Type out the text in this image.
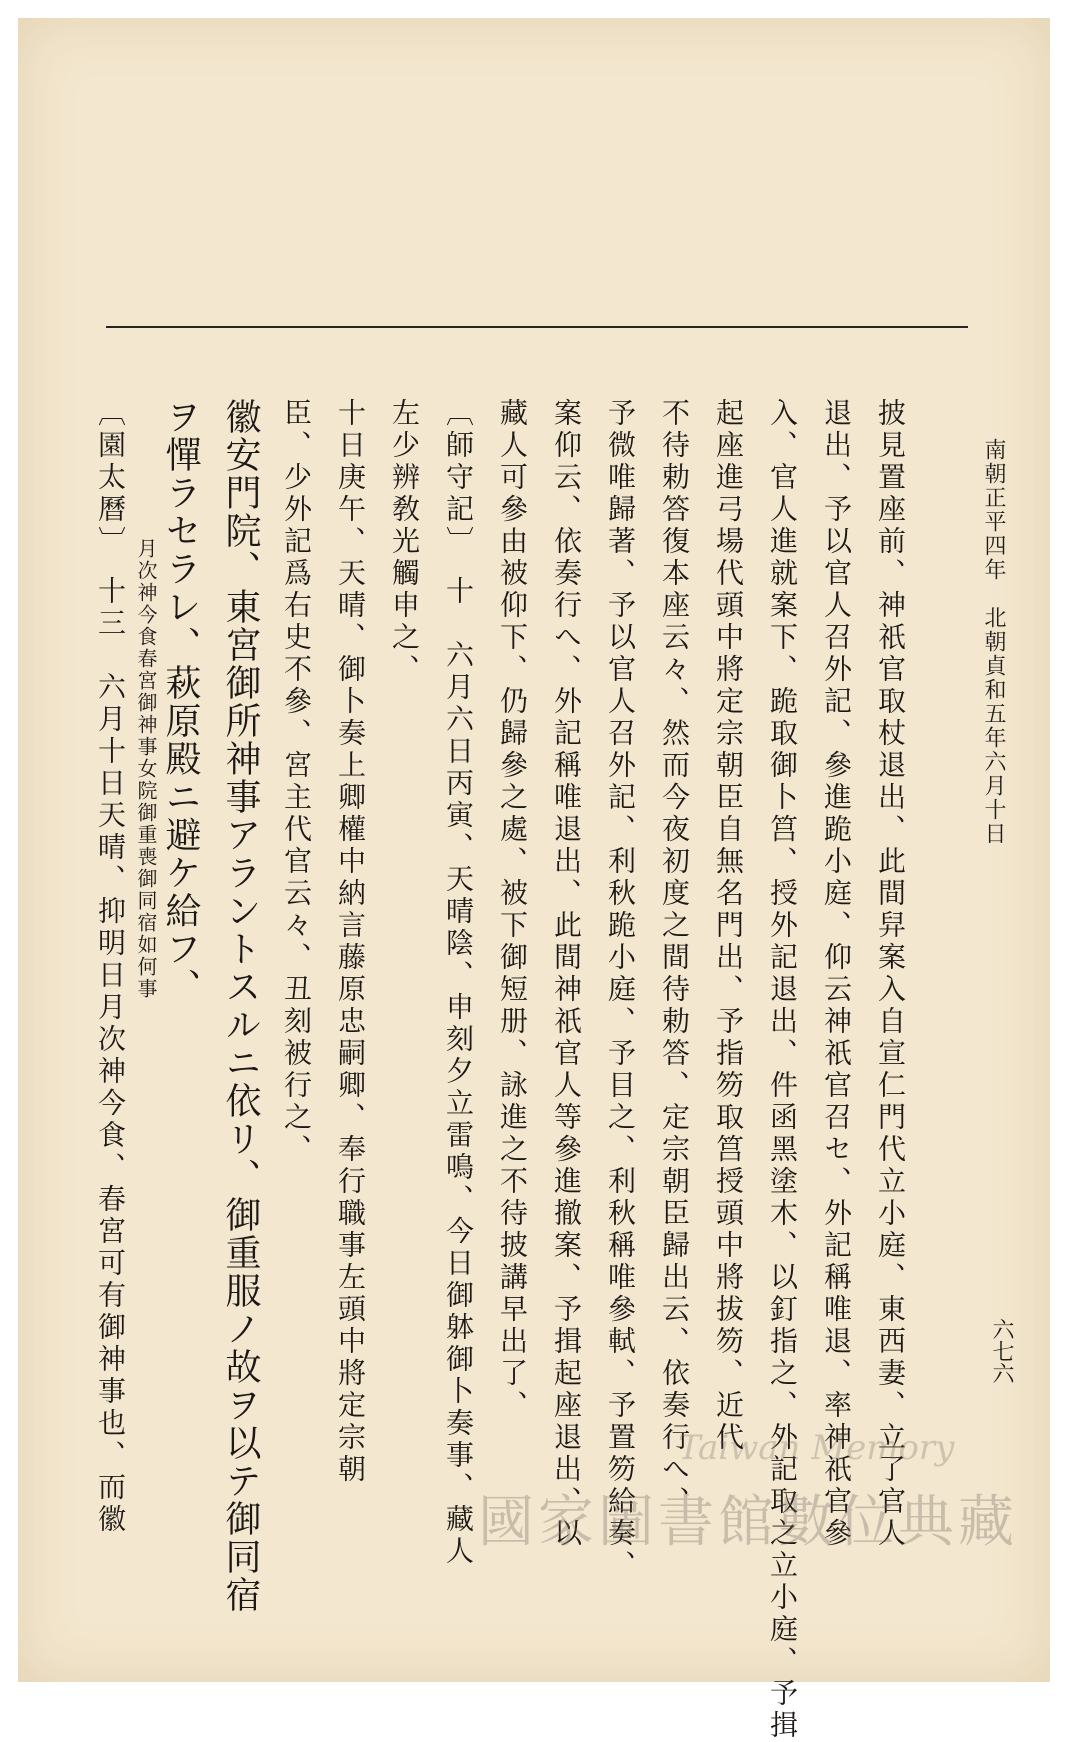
南朝正平四年　北朝貞和五年六月十日
六七六
披見置座前、神祇官取杖退出、此間舁案入自宣仁門代立小庭、東西妻、立了官人
退出、予以官人召外記、參進跪小庭、仰云神祇官召セ、外記稱唯退、率神祇官參
入、官人進就案下、跪取御卜筥、授外記退出、件函黑塗木、以釘指之、外記取之立小庭、予揖
起座進弓場代頭中將定宗朝臣自無名門出、予指笏取筥授頭中將拔笏、近代
不待勅答復本座云々、然而今夜初度之間待勅答、定宗朝臣歸出云、依奏行へ、
予微唯歸著、予以官人召外記、利秋跪小庭、予目之、利秋稱唯參軾、予置笏給奏、
案仰云、依奏行へ、外記稱唯退出、此間神祇官人等參進撤案、予揖起座退出、以
藏人可參由被仰下、仍歸參之處、被下御短册、詠進之不待披講早出了、
〔師守記〕　十　六月六日丙寅、天晴陰、申刻夕立雷鳴、今日御躰御卜奏事、藏人
左少辨敎光觸申之、
十日庚午、天晴、御卜奏上卿權中納言藤原忠嗣卿、奉行職事左頭中將定宗朝
臣、少外記爲右史不參、宮主代官云々、丑刻被行之、
徽安門院、東宮御所神事アラントスルニ依リ、御重服ノ故ヲ以テ御同宿
ヲ憚ラセラレ、萩原殿ニ避ケ給フ、
月次神今食春宮御神事女院御重喪御同宿如何事
〔園太曆〕　十三　六月十日天晴、抑明日月次神今食、春宮可有御神事也、而徽	Taiwan Memory
國家圖書館數位典藏
